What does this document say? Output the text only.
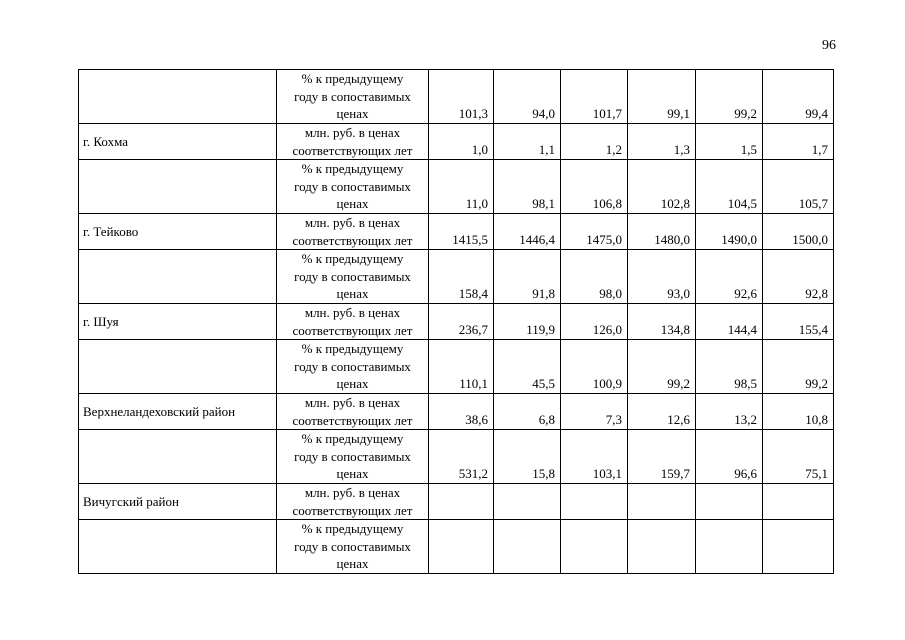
96

	% к предыдущему
году в сопоставимых
ценах	101,3	94,0	101,7	99,1	99,2	99,4
г. Кохма	млн. руб. в ценах
соответствующих лет	1,0	1,1	1,2	1,3	1,5	1,7

	% к предыдущему
году в сопоставимых
ценах	11,0	98,1	106,8	102,8	104,5	105,7
г. Тейково	млн. руб. в ценах
соответствующих лет	1415,5	1446,4	1475,0	1480,0	1490,0	1500,0

	% к предыдущему
году в сопоставимых
ценах	158,4	91,8	98,0	93,0	92,6	92,8
г. Шуя	млн. руб. в ценах
соответствующих лет	236,7	119,9	126,0	134,8	144,4	155,4

	% к предыдущему
году в сопоставимых
ценах	110,1	45,5	100,9	99,2	98,5	99,2
Верхнеландеховский район	млн. руб. в ценах
соответствующих лет	38,6	6,8	7,3	12,6	13,2	10,8

	% к предыдущему
году в сопоставимых
ценах	531,2	15,8	103,1	159,7	96,6	75,1
Вичугский район	млн. руб. в ценах
соответствующих лет						

	% к предыдущему
году в сопоставимых
ценах						
